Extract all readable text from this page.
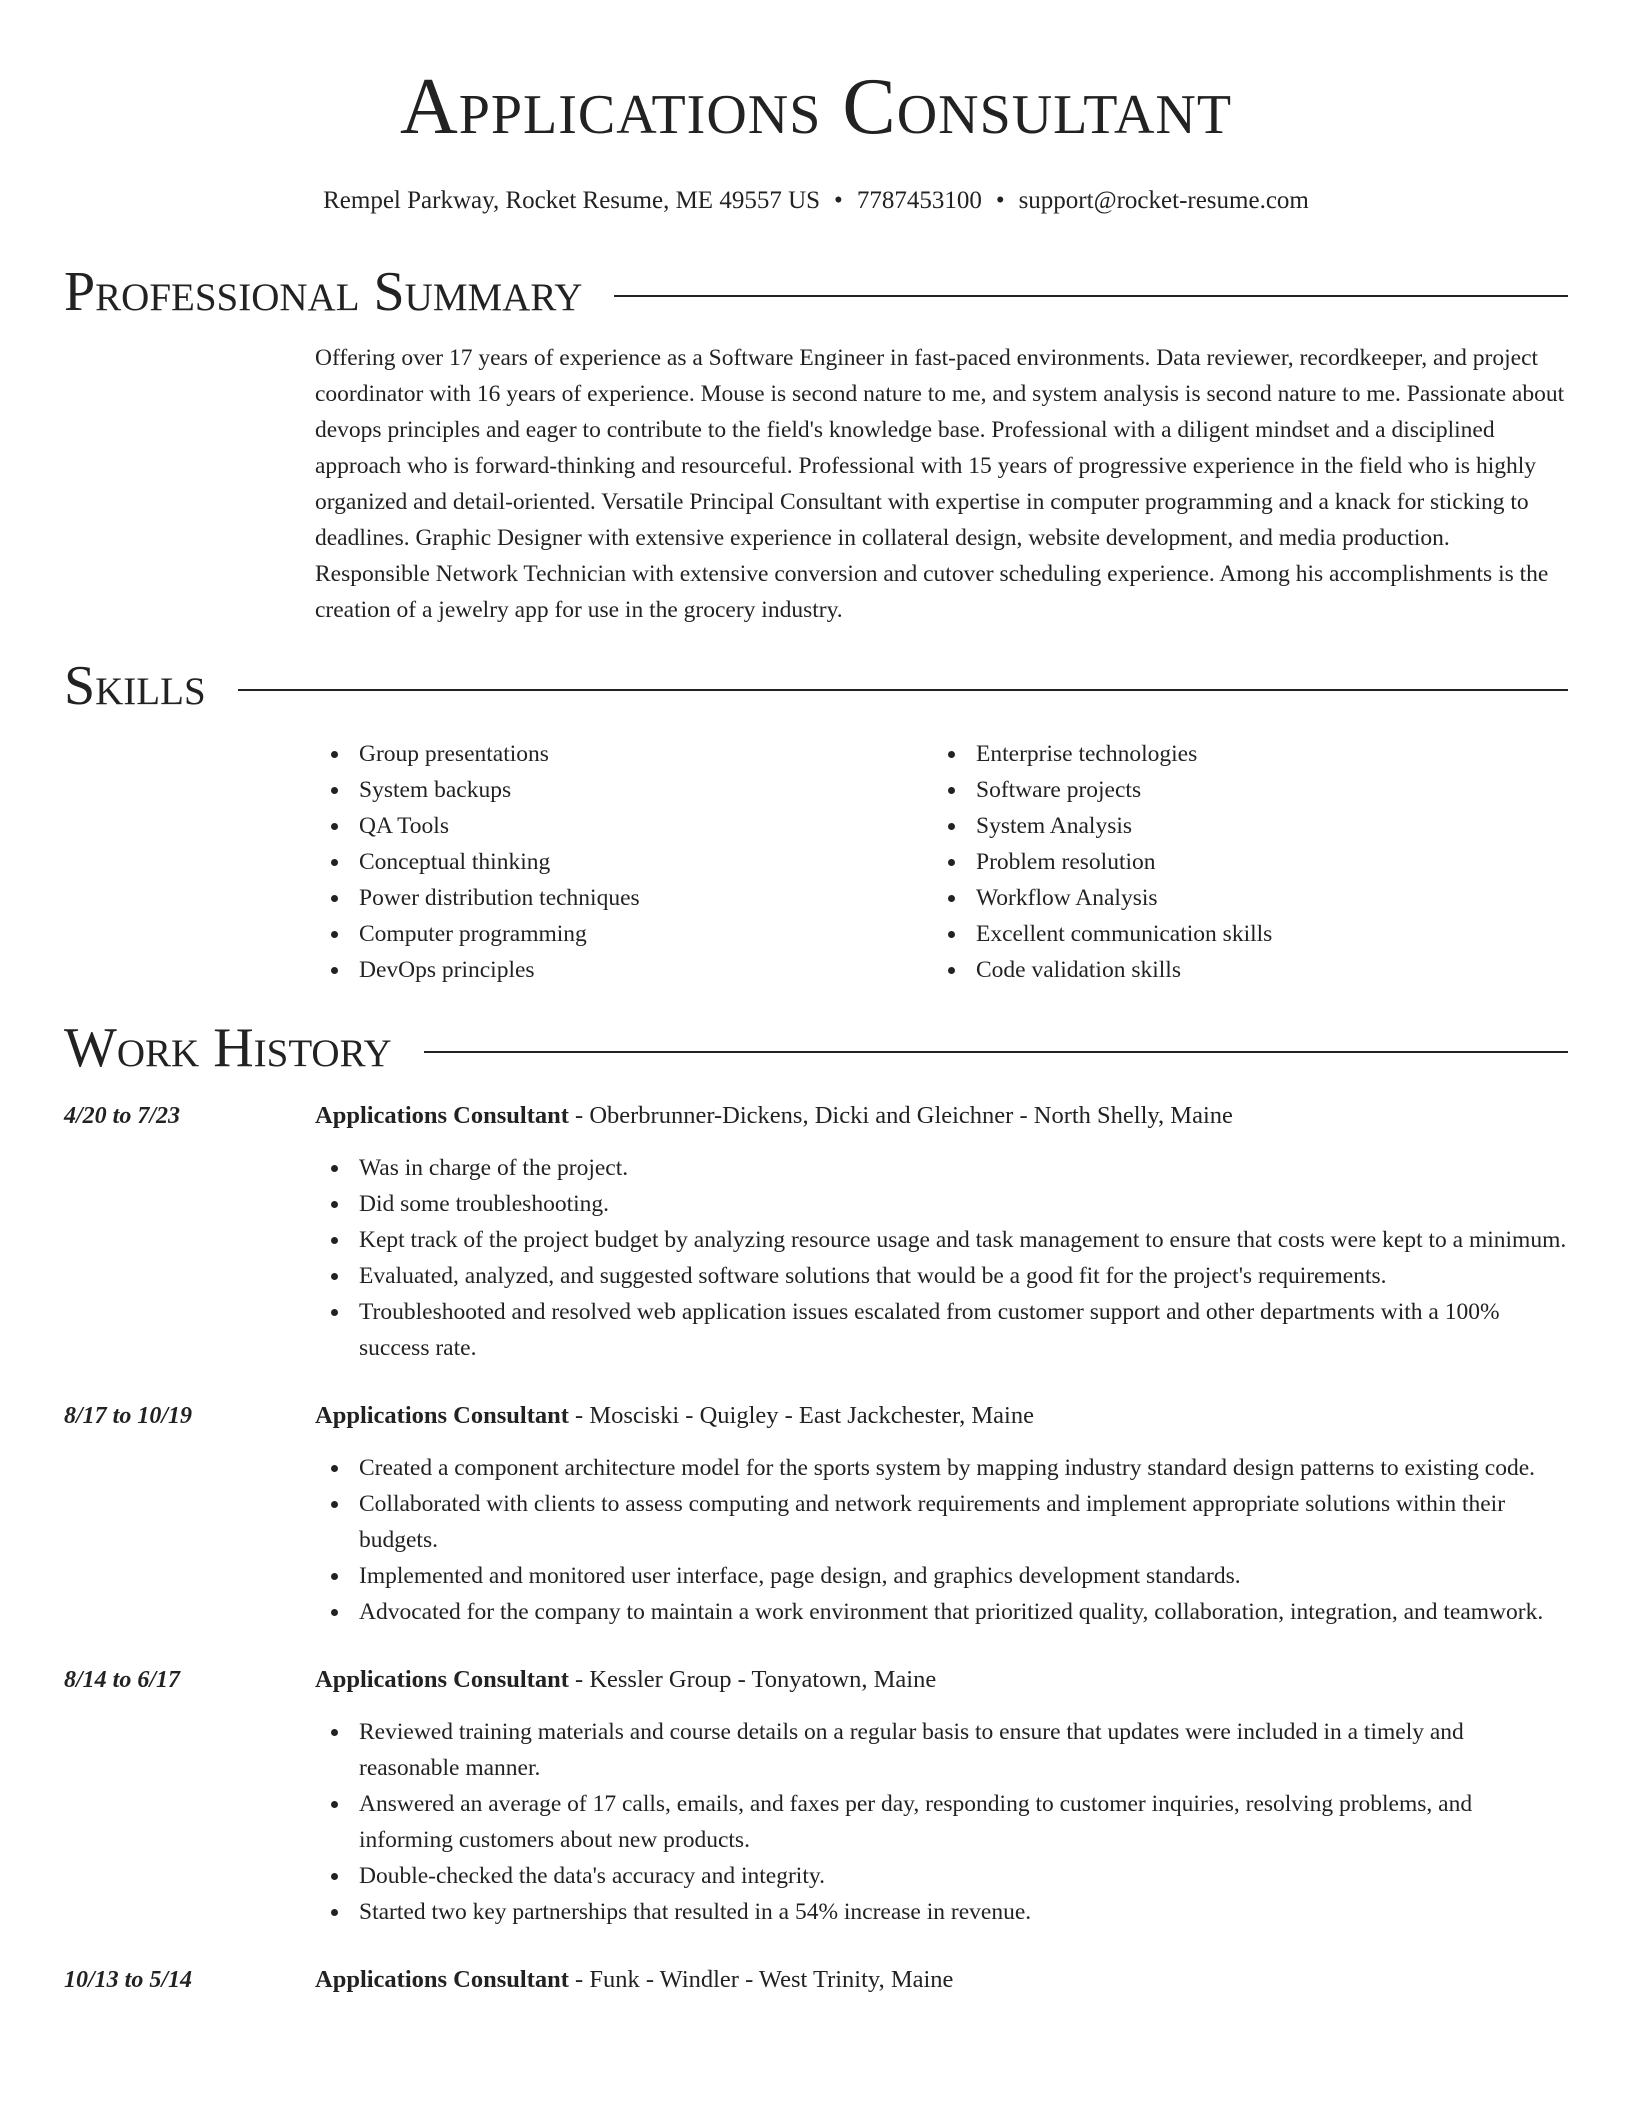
Applications Consultant
Rempel Parkway, Rocket Resume, ME 49557 US • 7787453100 • support@rocket-resume.com
Professional Summary

Offering over 17 years of experience as a Software Engineer in fast-paced environments. Data reviewer, recordkeeper, and project coordinator with 16 years of experience. Mouse is second nature to me, and system analysis is second nature to me. Passionate about devops principles and eager to contribute to the field's knowledge base. Professional with a diligent mindset and a disciplined approach who is forward-thinking and resourceful. Professional with 15 years of progressive experience in the field who is highly organized and detail-oriented. Versatile Principal Consultant with expertise in computer programming and a knack for sticking to deadlines. Graphic Designer with extensive experience in collateral design, website development, and media production. Responsible Network Technician with extensive conversion and cutover scheduling experience. Among his accomplishments is the creation of a jewelry app for use in the grocery industry.

Skills
Group presentations
System backups
QA Tools
Conceptual thinking
Power distribution techniques
Computer programming
DevOps principles
Enterprise technologies
Software projects
System Analysis
Problem resolution
Workflow Analysis
Excellent communication skills
Code validation skills
Work History
4/20 to 7/23	Applications Consultant - Oberbrunner-Dickens, Dicki and Gleichner - North Shelly, Maine
Was in charge of the project.
Did some troubleshooting.
Kept track of the project budget by analyzing resource usage and task management to ensure that costs were kept to a minimum.
Evaluated, analyzed, and suggested software solutions that would be a good fit for the project's requirements.
Troubleshooted and resolved web application issues escalated from customer support and other departments with a 100% success rate.
8/17 to 10/19	Applications Consultant - Mosciski - Quigley - East Jackchester, Maine
Created a component architecture model for the sports system by mapping industry standard design patterns to existing code.
Collaborated with clients to assess computing and network requirements and implement appropriate solutions within their budgets.
Implemented and monitored user interface, page design, and graphics development standards.
Advocated for the company to maintain a work environment that prioritized quality, collaboration, integration, and teamwork.
8/14 to 6/17	Applications Consultant - Kessler Group - Tonyatown, Maine
Reviewed training materials and course details on a regular basis to ensure that updates were included in a timely and reasonable manner.
Answered an average of 17 calls, emails, and faxes per day, responding to customer inquiries, resolving problems, and informing customers about new products.
Double-checked the data's accuracy and integrity.
Started two key partnerships that resulted in a 54% increase in revenue.
10/13 to 5/14	Applications Consultant - Funk - Windler - West Trinity, Maine
